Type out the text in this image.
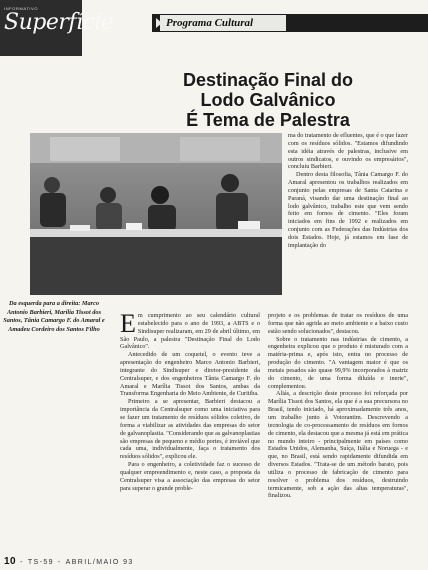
INFORMATIVO
Superfície	Programa Cultural
Destinação Final do
Lodo Galvânico
É Tema de Palestra
Da esquerda para a direita: Marco Antonio Barbieri, Marília Tissot dos Santos, Tânia Camargo F. do Amaral e Amadeu Cordeiro dos Santos Filho

ma do tratamento de efluentes, que é o que fazer com os resíduos sólidos. "Estamos difundindo esta idéia através de palestras, inclusive em outros sindicatos, e ouvindo os empresários", concluiu Barbieri.

Dentro desta filosofia, Tânia Camargo F. do Amaral apresentou os trabalhos realizados em conjunto pelas empresas de Santa Catarina e Paraná, visando dar uma destinação final ao lodo galvânico, trabalho este que vem sendo feito em fornos de cimento. "Eles foram iniciados em fins de 1992 e realizados em conjunto com as Federações das Indústrias dos dois Estados. Hoje, já estamos em fase de implantação do

Em cumprimento ao seu calendário cultural estabelecido para o ano de 1993, a ABTS e o Sindisuper realizaram, em 29 de abril último, em São Paulo, a palestra "Destinação Final do Lodo Galvânico".

Antecedido de um coquetel, o evento teve a apresentação do engenheiro Marco Antonio Barbieri, integrante do Sindisuper e diretor-presidente da Centralsuper, e dos engenheiros Tânia Camargo F. do Amaral e Marília Tissot dos Santos, ambas da Transforma Engenharia do Meio Ambiente, de Curitiba.

Primeiro a se apresentar, Barbieri destacou a importância da Centralsuper como uma iniciativa para se fazer um tratamento de resíduos sólidos coletivo, de forma a viabilizar as atividades das empresas do setor de galvanoplastia. "Considerando que as galvanoplastias são empresas de pequeno e médio portes, é inviável que cada uma, individualmente, faça o tratamento dos resíduos sólidos", explicou ele.

Para o engenheiro, a coletividade faz o sucesso de qualquer empreendimento e, neste caso, a proposta da Centralsuper visa a associação das empresas do setor para superar o grande proble-

projeto e os problemas de tratar os resíduos de uma forma que não agrida ao meio ambiente e a baixo custo estão sendo solucionados", destacou.

Sobre o tratamento nas indústrias de cimento, a engenheira explicou que o produto é misturado com a matéria-prima e, após isto, entra no processo de produção do cimento. "A vantagem maior é que os metais pesados são quase 99,9% incorporados à matriz do cimento, de uma forma diluída e inerte", complementou.

Aliás, a descrição deste processo foi reforçada por Marília Tissot dos Santos, ela que é a sua precursora no Brasil, tendo iniciado, há aproximadamente três anos, um trabalho junto à Votorantim. Descrevendo a tecnologia de co-processamento de resíduos em fornos de cimento, ela destacou que a mesma já está em prática no mundo inteiro - principalmente em países como Estados Unidos, Alemanha, Suíça, Itália e Noruega - e que, no Brasil, está sendo rapidamente difundida em diversos Estados. "Trata-se de um método barato, pois utiliza o processo de fabricação de cimento para resolver o problema dos resíduos, destruindo termicamente, sob a ação das altas temperaturas", finalizou.

10 - TS-59 - ABRIL/MAIO 93
